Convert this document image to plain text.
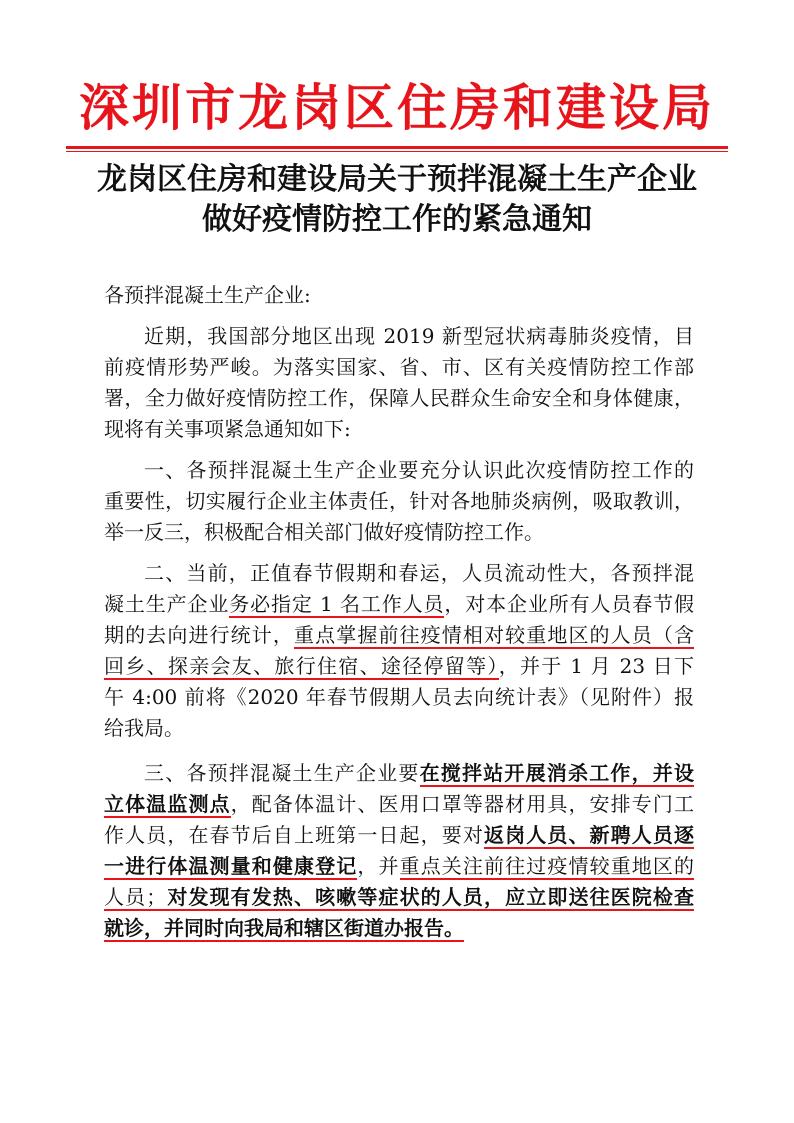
深圳市龙岗区住房和建设局
龙岗区住房和建设局关于预拌混凝土生产企业
做好疫情防控工作的紧急通知
各预拌混凝土生产企业:
近期，我国部分地区出现 2019 新型冠状病毒肺炎疫情，目
前疫情形势严峻。为落实国家、省、市、区有关疫情防控工作部
署，全力做好疫情防控工作，保障人民群众生命安全和身体健康，
现将有关事项紧急通知如下:
一、各预拌混凝土生产企业要充分认识此次疫情防控工作的
重要性，切实履行企业主体责任，针对各地肺炎病例，吸取教训，
举一反三，积极配合相关部门做好疫情防控工作。
二、当前，正值春节假期和春运，人员流动性大，各预拌混
凝土生产企业务必指定 1 名工作人员，对本企业所有人员春节假
期的去向进行统计，重点掌握前往疫情相对较重地区的人员（含
回乡、探亲会友、旅行住宿、途径停留等），并于 1 月 23 日下
午 4:00 前将《2020 年春节假期人员去向统计表》（见附件）报
给我局。
三、各预拌混凝土生产企业要在搅拌站开展消杀工作，并设
立体温监测点，配备体温计、医用口罩等器材用具，安排专门工
作人员，在春节后自上班第一日起，要对返岗人员、新聘人员逐
一进行体温测量和健康登记，并重点关注前往过疫情较重地区的
人员；对发现有发热、咳嗽等症状的人员，应立即送往医院检查
就诊，并同时向我局和辖区街道办报告。
